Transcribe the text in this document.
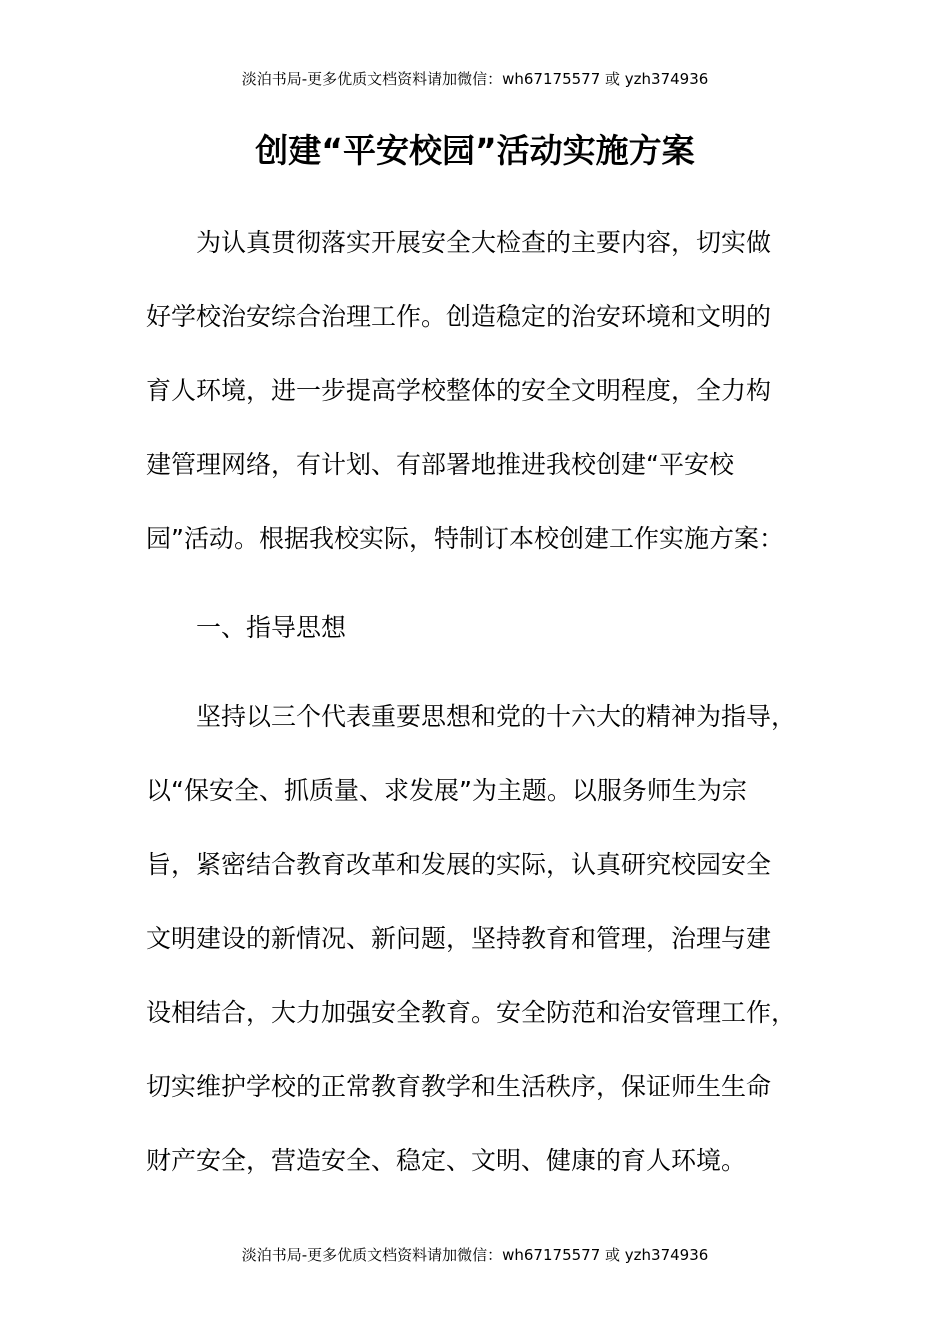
淡泊书局-更多优质文档资料请加微信：wh67175577 或 yzh374936
创建“平安校园”活动实施方案
为认真贯彻落实开展安全大检查的主要内容，切实做
好学校治安综合治理工作。创造稳定的治安环境和文明的
育人环境，进一步提高学校整体的安全文明程度，全力构
建管理网络，有计划、有部署地推进我校创建“平安校
园”活动。根据我校实际，特制订本校创建工作实施方案：
一、指导思想
坚持以三个代表重要思想和党的十六大的精神为指导，
以“保安全、抓质量、求发展”为主题。以服务师生为宗
旨，紧密结合教育改革和发展的实际，认真研究校园安全
文明建设的新情况、新问题，坚持教育和管理，治理与建
设相结合，大力加强安全教育。安全防范和治安管理工作，
切实维护学校的正常教育教学和生活秩序，保证师生生命
财产安全，营造安全、稳定、文明、健康的育人环境。
淡泊书局-更多优质文档资料请加微信：wh67175577 或 yzh374936
